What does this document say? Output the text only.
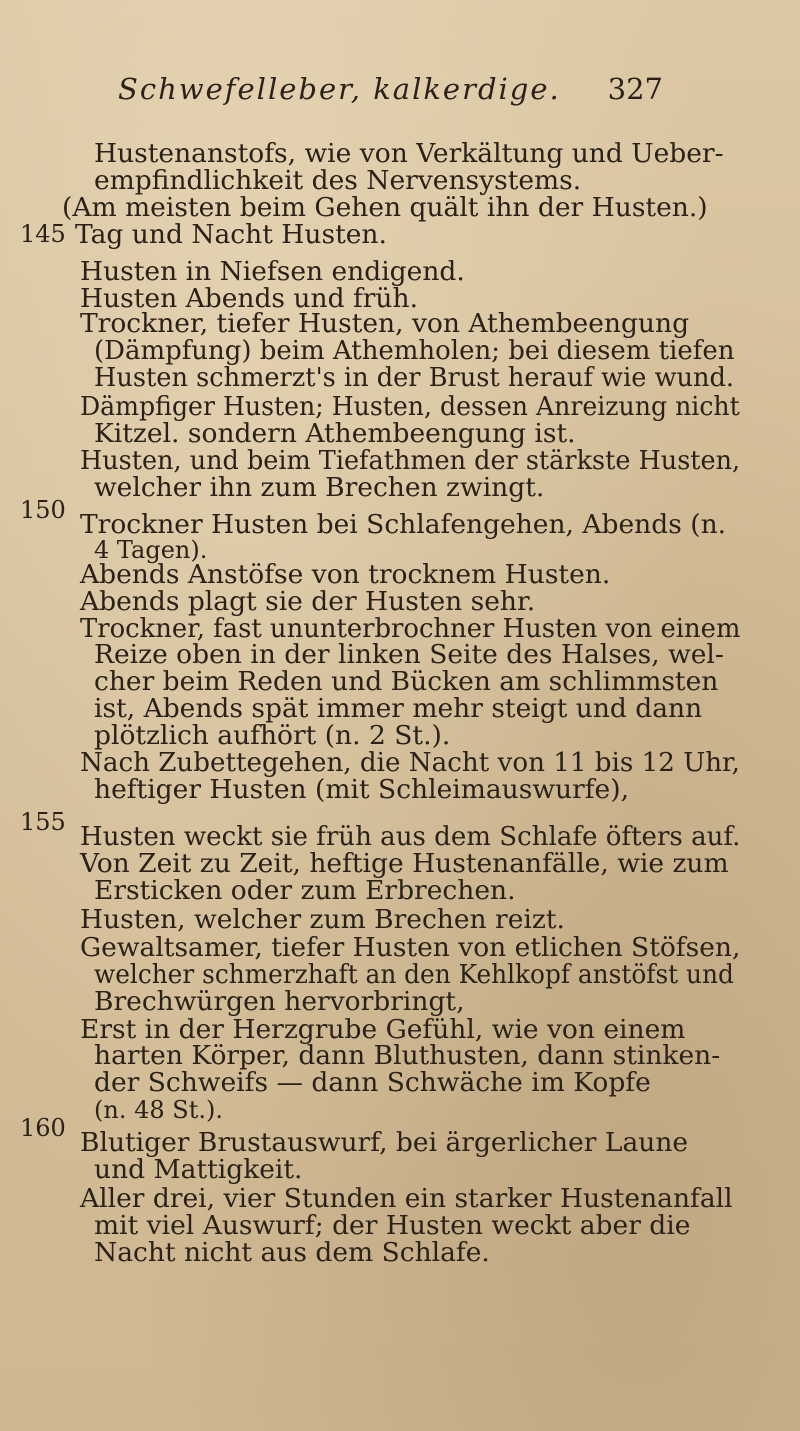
Schwefelleber, kalkerdige. 327
145
150
155
160
Hustenanstofs, wie von Verkältung und Ueber-
empfindlichkeit des Nervensystems.
(Am meisten beim Gehen quält ihn der Husten.)
Tag und Nacht Husten.
Husten in Niefsen endigend.
Husten Abends und früh.
Trockner, tiefer Husten, von Athembeengung
(Dämpfung) beim Athemholen; bei diesem tiefen
Husten schmerzt's in der Brust herauf wie wund.
Dämpfiger Husten; Husten, dessen Anreizung nicht
Kitzel. sondern Athembeengung ist.
Husten, und beim Tiefathmen der stärkste Husten,
welcher ihn zum Brechen zwingt.
Trockner Husten bei Schlafengehen, Abends (n.
4 Tagen).
Abends Anstöfse von trocknem Husten.
Abends plagt sie der Husten sehr.
Trockner, fast ununterbrochner Husten von einem
Reize oben in der linken Seite des Halses, wel-
cher beim Reden und Bücken am schlimmsten
ist, Abends spät immer mehr steigt und dann
plötzlich aufhört (n. 2 St.).
Nach Zubettegehen, die Nacht von 11 bis 12 Uhr,
heftiger Husten (mit Schleimauswurfe),
Husten weckt sie früh aus dem Schlafe öfters auf.
Von Zeit zu Zeit, heftige Hustenanfälle, wie zum
Ersticken oder zum Erbrechen.
Husten, welcher zum Brechen reizt.
Gewaltsamer, tiefer Husten von etlichen Stöfsen,
welcher schmerzhaft an den Kehlkopf anstöfst und
Brechwürgen hervorbringt,
Erst in der Herzgrube Gefühl, wie von einem
harten Körper, dann Bluthusten, dann stinken-
der Schweifs — dann Schwäche im Kopfe
(n. 48 St.).
Blutiger Brustauswurf, bei ärgerlicher Laune
und Mattigkeit.
Aller drei, vier Stunden ein starker Hustenanfall
mit viel Auswurf; der Husten weckt aber die
Nacht nicht aus dem Schlafe.
